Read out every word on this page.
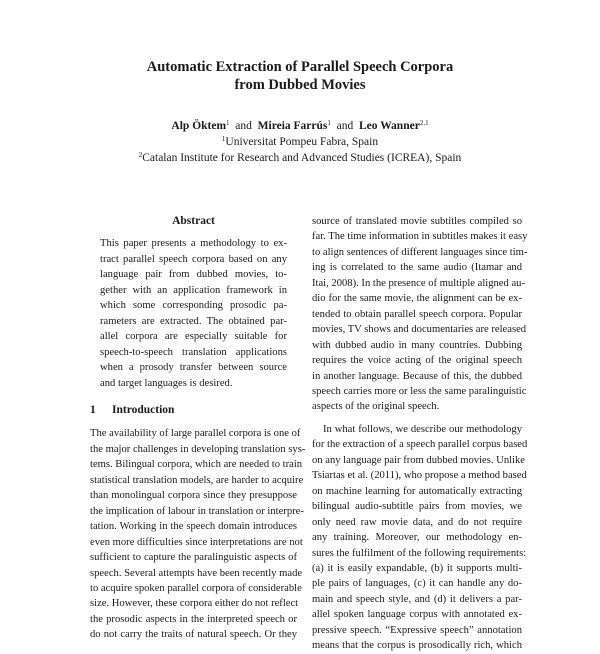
Automatic Extraction of Parallel Speech Corpora
from Dubbed Movies
Alp Öktem$^1$ and Mireia Farrús$^1$ and Leo Wanner$^{2,1}$
$^1$Universitat Pompeu Fabra, Spain
$^2$Catalan Institute for Research and Advanced Studies (ICREA), Spain
Abstract
This paper presents a methodology to ex-
tract parallel speech corpora based on any
language pair from dubbed movies, to-
gether with an application framework in
which some corresponding prosodic pa-
rameters are extracted. The obtained par-
allel corpora are especially suitable for
speech-to-speech translation applications
when a prosody transfer between source
and target languages is desired.
1 Introduction
The availability of large parallel corpora is one of
the major challenges in developing translation sys-
tems. Bilingual corpora, which are needed to train
statistical translation models, are harder to acquire
than monolingual corpora since they presuppose
the implication of labour in translation or interpre-
tation. Working in the speech domain introduces
even more difficulties since interpretations are not
sufficient to capture the paralinguistic aspects of
speech. Several attempts have been recently made
to acquire spoken parallel corpora of considerable
size. However, these corpora either do not reflect
the prosodic aspects in the interpreted speech or
do not carry the traits of natural speech. Or they
source of translated movie subtitles compiled so
far. The time information in subtitles makes it easy
to align sentences of different languages since tim-
ing is correlated to the same audio (Itamar and
Itai, 2008). In the presence of multiple aligned au-
dio for the same movie, the alignment can be ex-
tended to obtain parallel speech corpora. Popular
movies, TV shows and documentaries are released
with dubbed audio in many countries. Dubbing
requires the voice acting of the original speech
in another language. Because of this, the dubbed
speech carries more or less the same paralinguistic
aspects of the original speech.
In what follows, we describe our methodology
for the extraction of a speech parallel corpus based
on any language pair from dubbed movies. Unlike
Tsiartas et al. (2011), who propose a method based
on machine learning for automatically extracting
bilingual audio-subtitle pairs from movies, we
only need raw movie data, and do not require
any training. Moreover, our methodology en-
sures the fulfilment of the following requirements:
(a) it is easily expandable, (b) it supports multi-
ple pairs of languages, (c) it can handle any do-
main and speech style, and (d) it delivers a par-
allel spoken language corpus with annotated ex-
pressive speech. “Expressive speech” annotation
means that the corpus is prosodically rich, which
